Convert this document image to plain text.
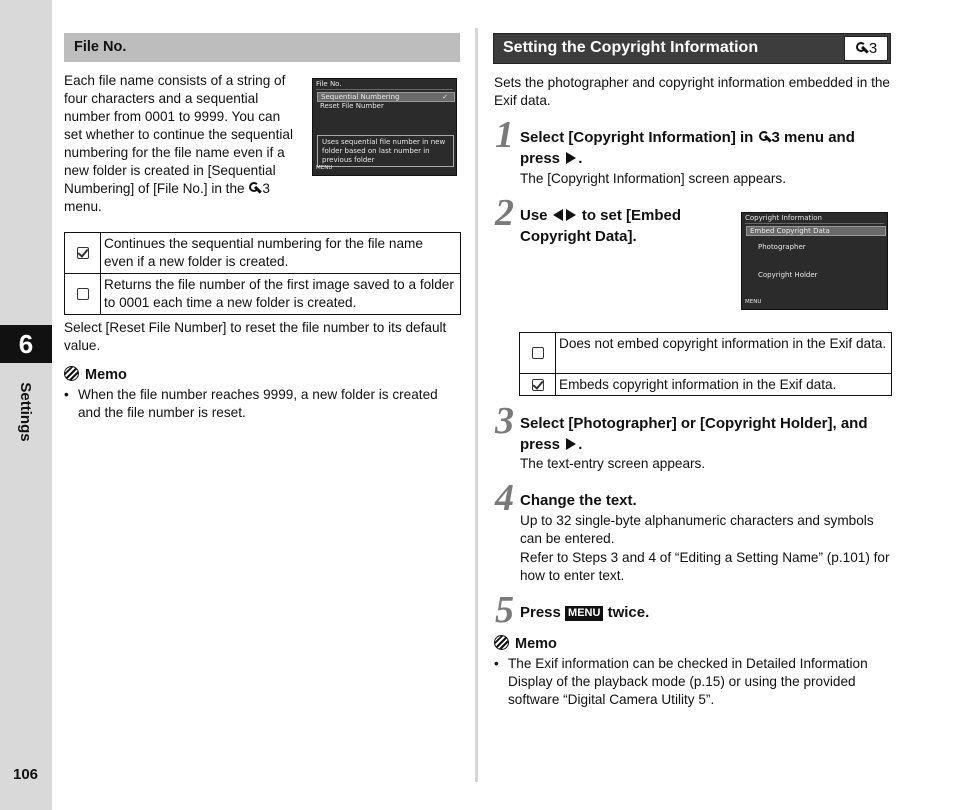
6
Settings
106
File No.
Each file name consists of a string of four characters and a sequential number from 0001 to 9999. You can set whether to continue the sequential numbering for the file name even if a new folder is created in [Sequential Numbering] of [File No.] in the 3 menu.
File No.
Sequential Numbering	✓
Reset File Number
Uses sequential file number in new folder based on last number in previous folder
MENU
Continues the sequential numbering for the file name even if a new folder is created.
Returns the file number of the first image saved to a folder to 0001 each time a new folder is created.
Select [Reset File Number] to reset the file number to its default value.
Memo
• When the file number reaches 9999, a new folder is created and the file number is reset.
Setting the Copyright Information	3
Sets the photographer and copyright information embedded in the Exif data.
1 Select [Copyright Information] in 3 menu and press .
The [Copyright Information] screen appears.
2 Use  to set [Embed Copyright Data].
Copyright Information
Embed Copyright Data
Photographer
Copyright Holder
MENU
Does not embed copyright information in the Exif data.
Embeds copyright information in the Exif data.
3 Select [Photographer] or [Copyright Holder], and press .
The text-entry screen appears.
4 Change the text.
Up to 32 single-byte alphanumeric characters and symbols can be entered.
Refer to Steps 3 and 4 of “Editing a Setting Name” (p.101) for how to enter text.
5 Press MENU twice.
Memo
• The Exif information can be checked in Detailed Information Display of the playback mode (p.15) or using the provided software “Digital Camera Utility 5”.
